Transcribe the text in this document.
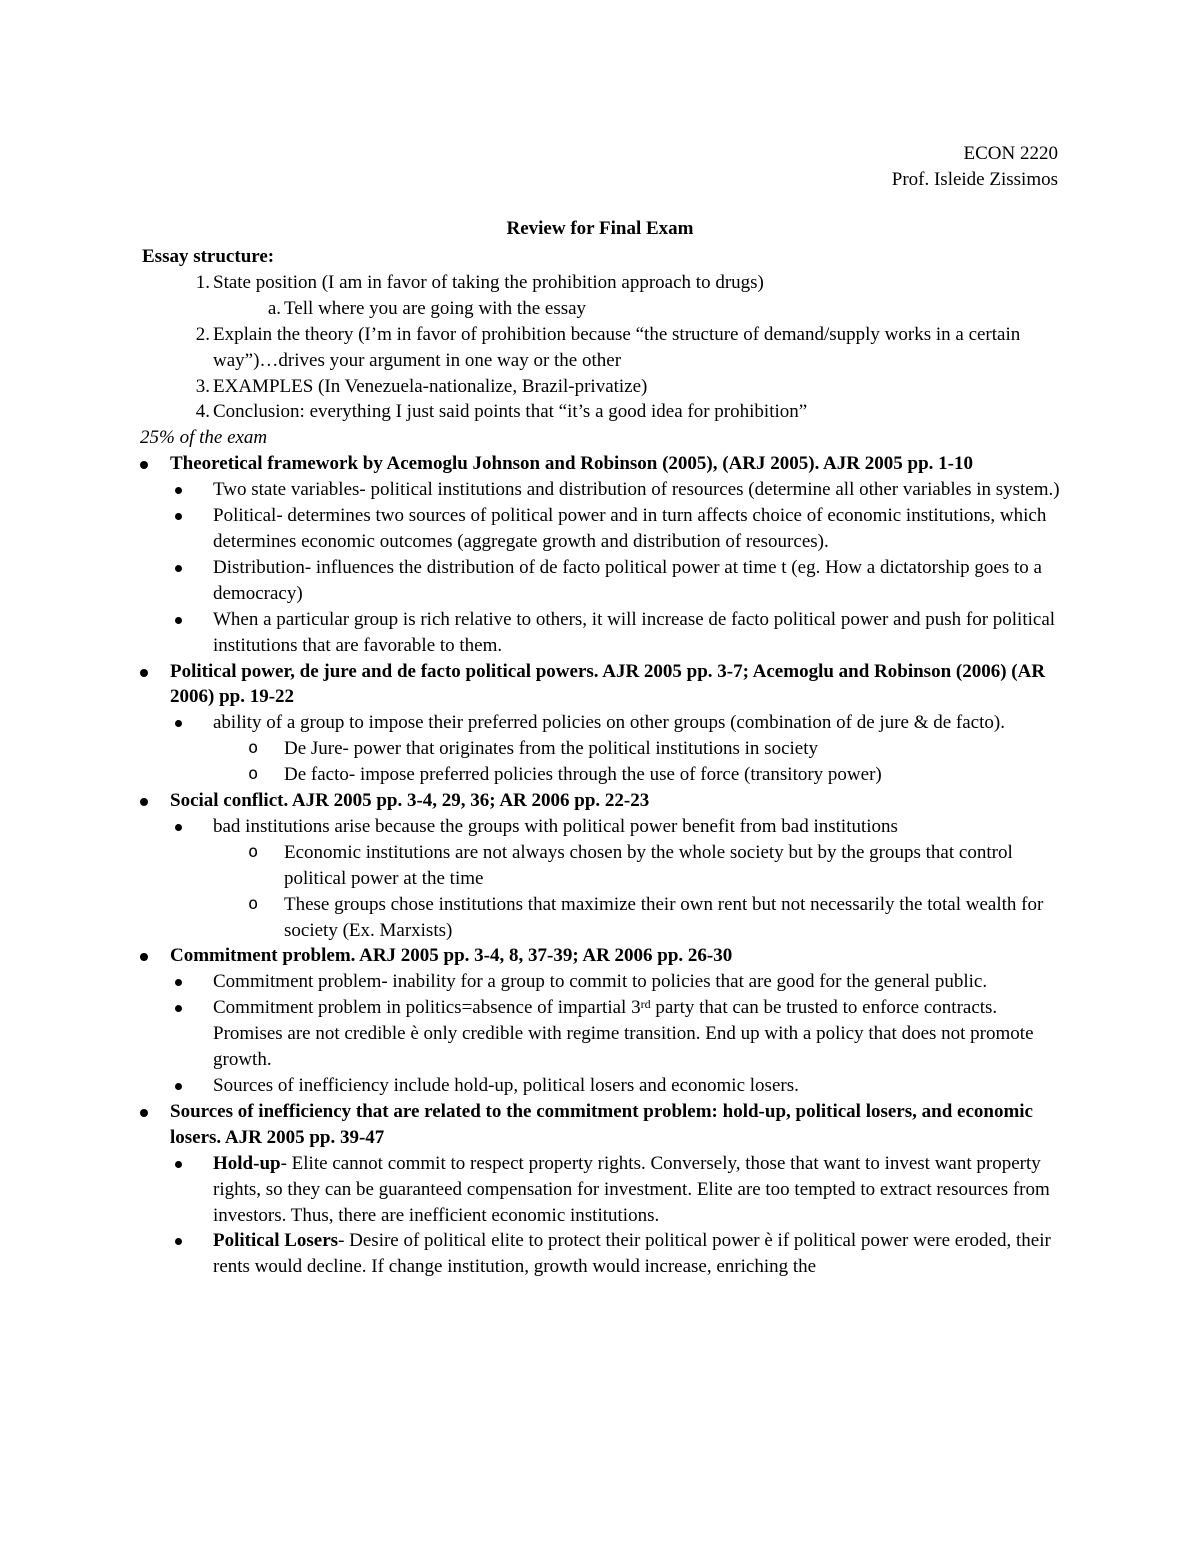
ECON 2220
Prof. Isleide Zissimos
Review for Final Exam
Essay structure:
1. State position (I am in favor of taking the prohibition approach to drugs)
a. Tell where you are going with the essay
2. Explain the theory (I’m in favor of prohibition because “the structure of demand/supply works in a certain way”)…drives your argument in one way or the other
3. EXAMPLES (In Venezuela-nationalize, Brazil-privatize)
4. Conclusion: everything I just said points that “it’s a good idea for prohibition”
25% of the exam
Theoretical framework by Acemoglu Johnson and Robinson (2005), (ARJ 2005). AJR 2005 pp. 1-10
Two state variables- political institutions and distribution of resources (determine all other variables in system.)
Political- determines two sources of political power and in turn affects choice of economic institutions, which determines economic outcomes (aggregate growth and distribution of resources).
Distribution- influences the distribution of de facto political power at time t (eg. How a dictatorship goes to a democracy)
When a particular group is rich relative to others, it will increase de facto political power and push for political institutions that are favorable to them.
Political power, de jure and de facto political powers. AJR 2005 pp. 3-7; Acemoglu and Robinson (2006) (AR 2006) pp. 19-22
ability of a group to impose their preferred policies on other groups (combination of de jure & de facto).
o De Jure- power that originates from the political institutions in society
o De facto- impose preferred policies through the use of force (transitory power)
Social conflict. AJR 2005 pp. 3-4, 29, 36; AR 2006 pp. 22-23
bad institutions arise because the groups with political power benefit from bad institutions
o Economic institutions are not always chosen by the whole society but by the groups that control political power at the time
o These groups chose institutions that maximize their own rent but not necessarily the total wealth for society (Ex. Marxists)
Commitment problem. ARJ 2005 pp. 3-4, 8, 37-39; AR 2006 pp. 26-30
Commitment problem- inability for a group to commit to policies that are good for the general public.
Commitment problem in politics=absence of impartial 3rd party that can be trusted to enforce contracts. Promises are not credible è only credible with regime transition. End up with a policy that does not promote growth.
Sources of inefficiency include hold-up, political losers and economic losers.
Sources of inefficiency that are related to the commitment problem: hold-up, political losers, and economic losers. AJR 2005 pp. 39-47
Hold-up- Elite cannot commit to respect property rights. Conversely, those that want to invest want property rights, so they can be guaranteed compensation for investment. Elite are too tempted to extract resources from investors. Thus, there are inefficient economic institutions.
Political Losers- Desire of political elite to protect their political power è if political power were eroded, their rents would decline. If change institution, growth would increase, enriching the
